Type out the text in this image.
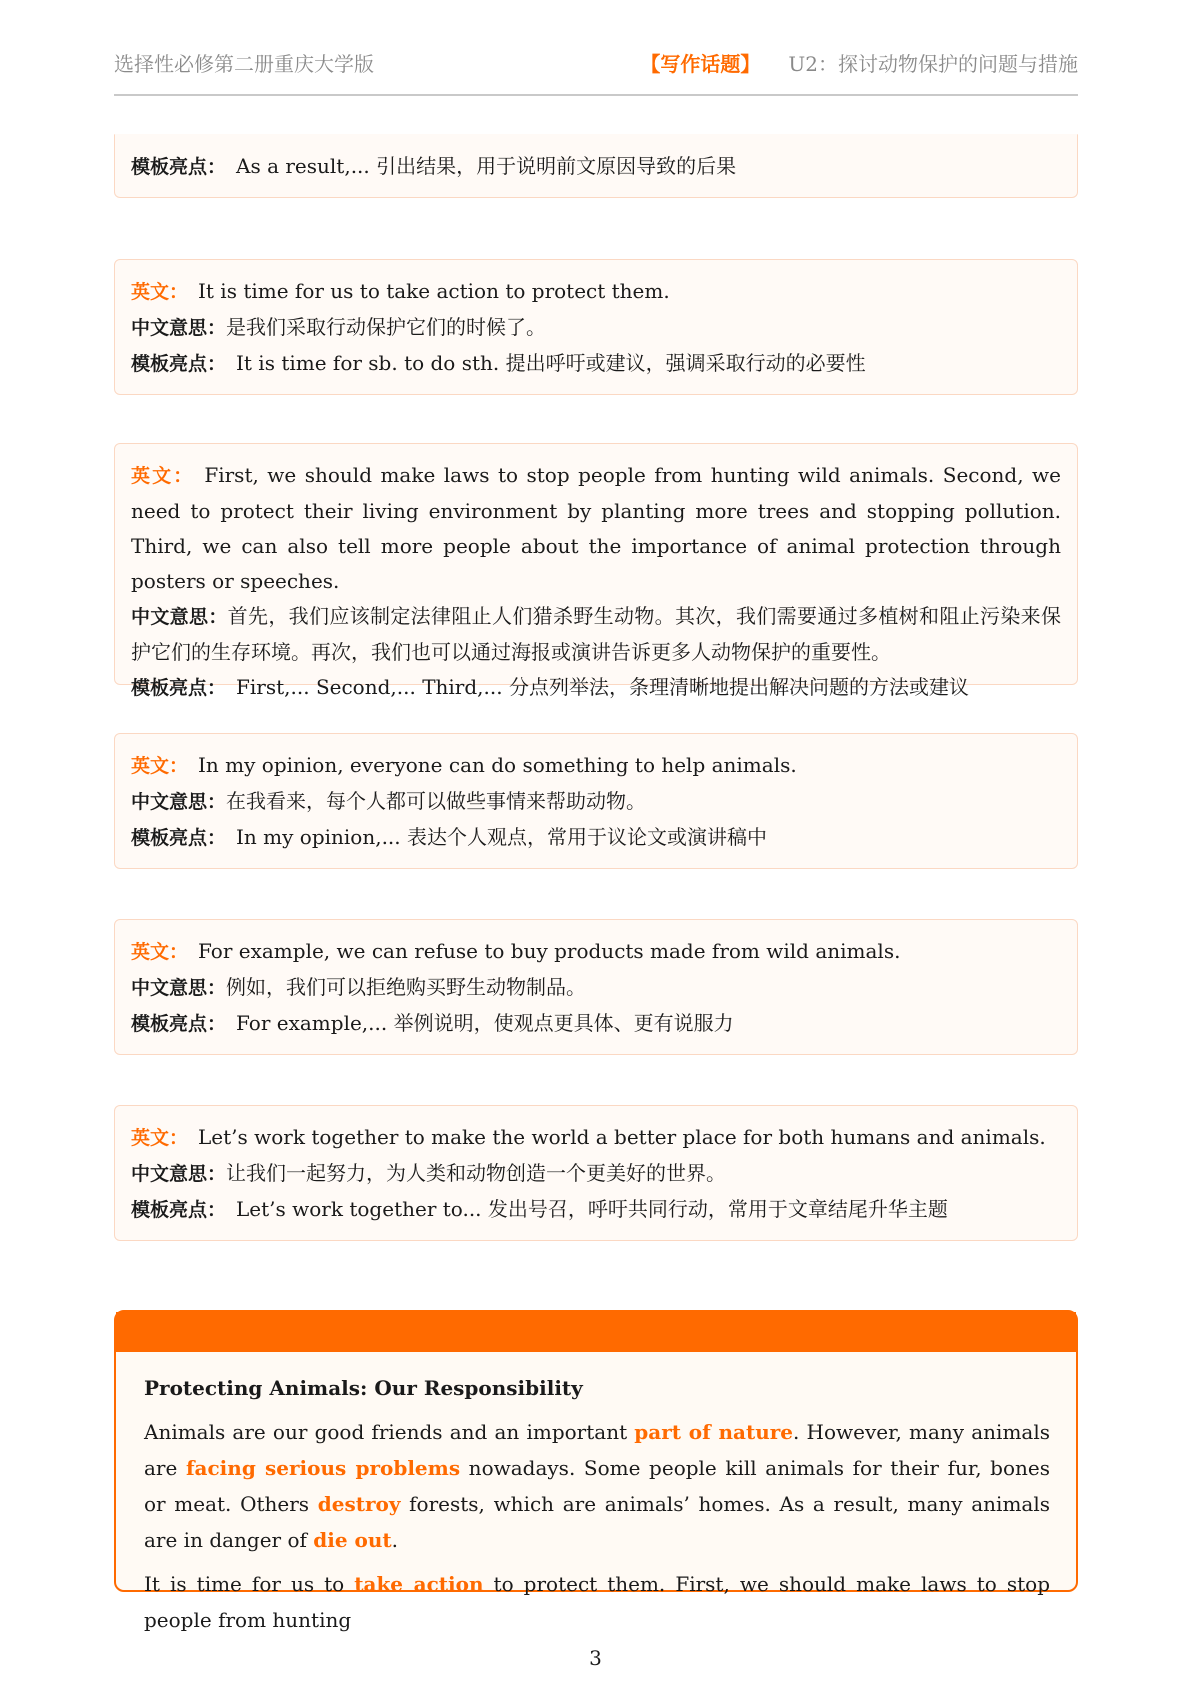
选择性必修第二册重庆大学版	【写作话题】 U2：探讨动物保护的问题与措施

模板亮点： As a result,... 引出结果，用于说明前文原因导致的后果

英文： It is time for us to take action to protect them.

中文意思：是我们采取行动保护它们的时候了。

模板亮点： It is time for sb. to do sth. 提出呼吁或建议，强调采取行动的必要性

英文： First, we should make laws to stop people from hunting wild animals. Second, we need to protect their living environment by planting more trees and stopping pollution. Third, we can also tell more people about the importance of animal protection through posters or speeches.

中文意思：首先，我们应该制定法律阻止人们猎杀野生动物。其次，我们需要通过多植树和阻止污染来保护它们的生存环境。再次，我们也可以通过海报或演讲告诉更多人动物保护的重要性。

模板亮点： First,... Second,... Third,... 分点列举法，条理清晰地提出解决问题的方法或建议

英文： In my opinion, everyone can do something to help animals.

中文意思：在我看来，每个人都可以做些事情来帮助动物。

模板亮点： In my opinion,... 表达个人观点，常用于议论文或演讲稿中

英文： For example, we can refuse to buy products made from wild animals.

中文意思：例如，我们可以拒绝购买野生动物制品。

模板亮点： For example,... 举例说明，使观点更具体、更有说服力

英文： Let’s work together to make the world a better place for both humans and animals.

中文意思：让我们一起努力，为人类和动物创造一个更美好的世界。

模板亮点： Let’s work together to... 发出号召，呼吁共同行动，常用于文章结尾升华主题

Protecting Animals: Our Responsibility

Animals are our good friends and an important part of nature. However, many animals are facing serious problems nowadays. Some people kill animals for their fur, bones or meat. Others destroy forests, which are animals’ homes. As a result, many animals are in danger of die out.

It is time for us to take action to protect them. First, we should make laws to stop people from hunting

3
